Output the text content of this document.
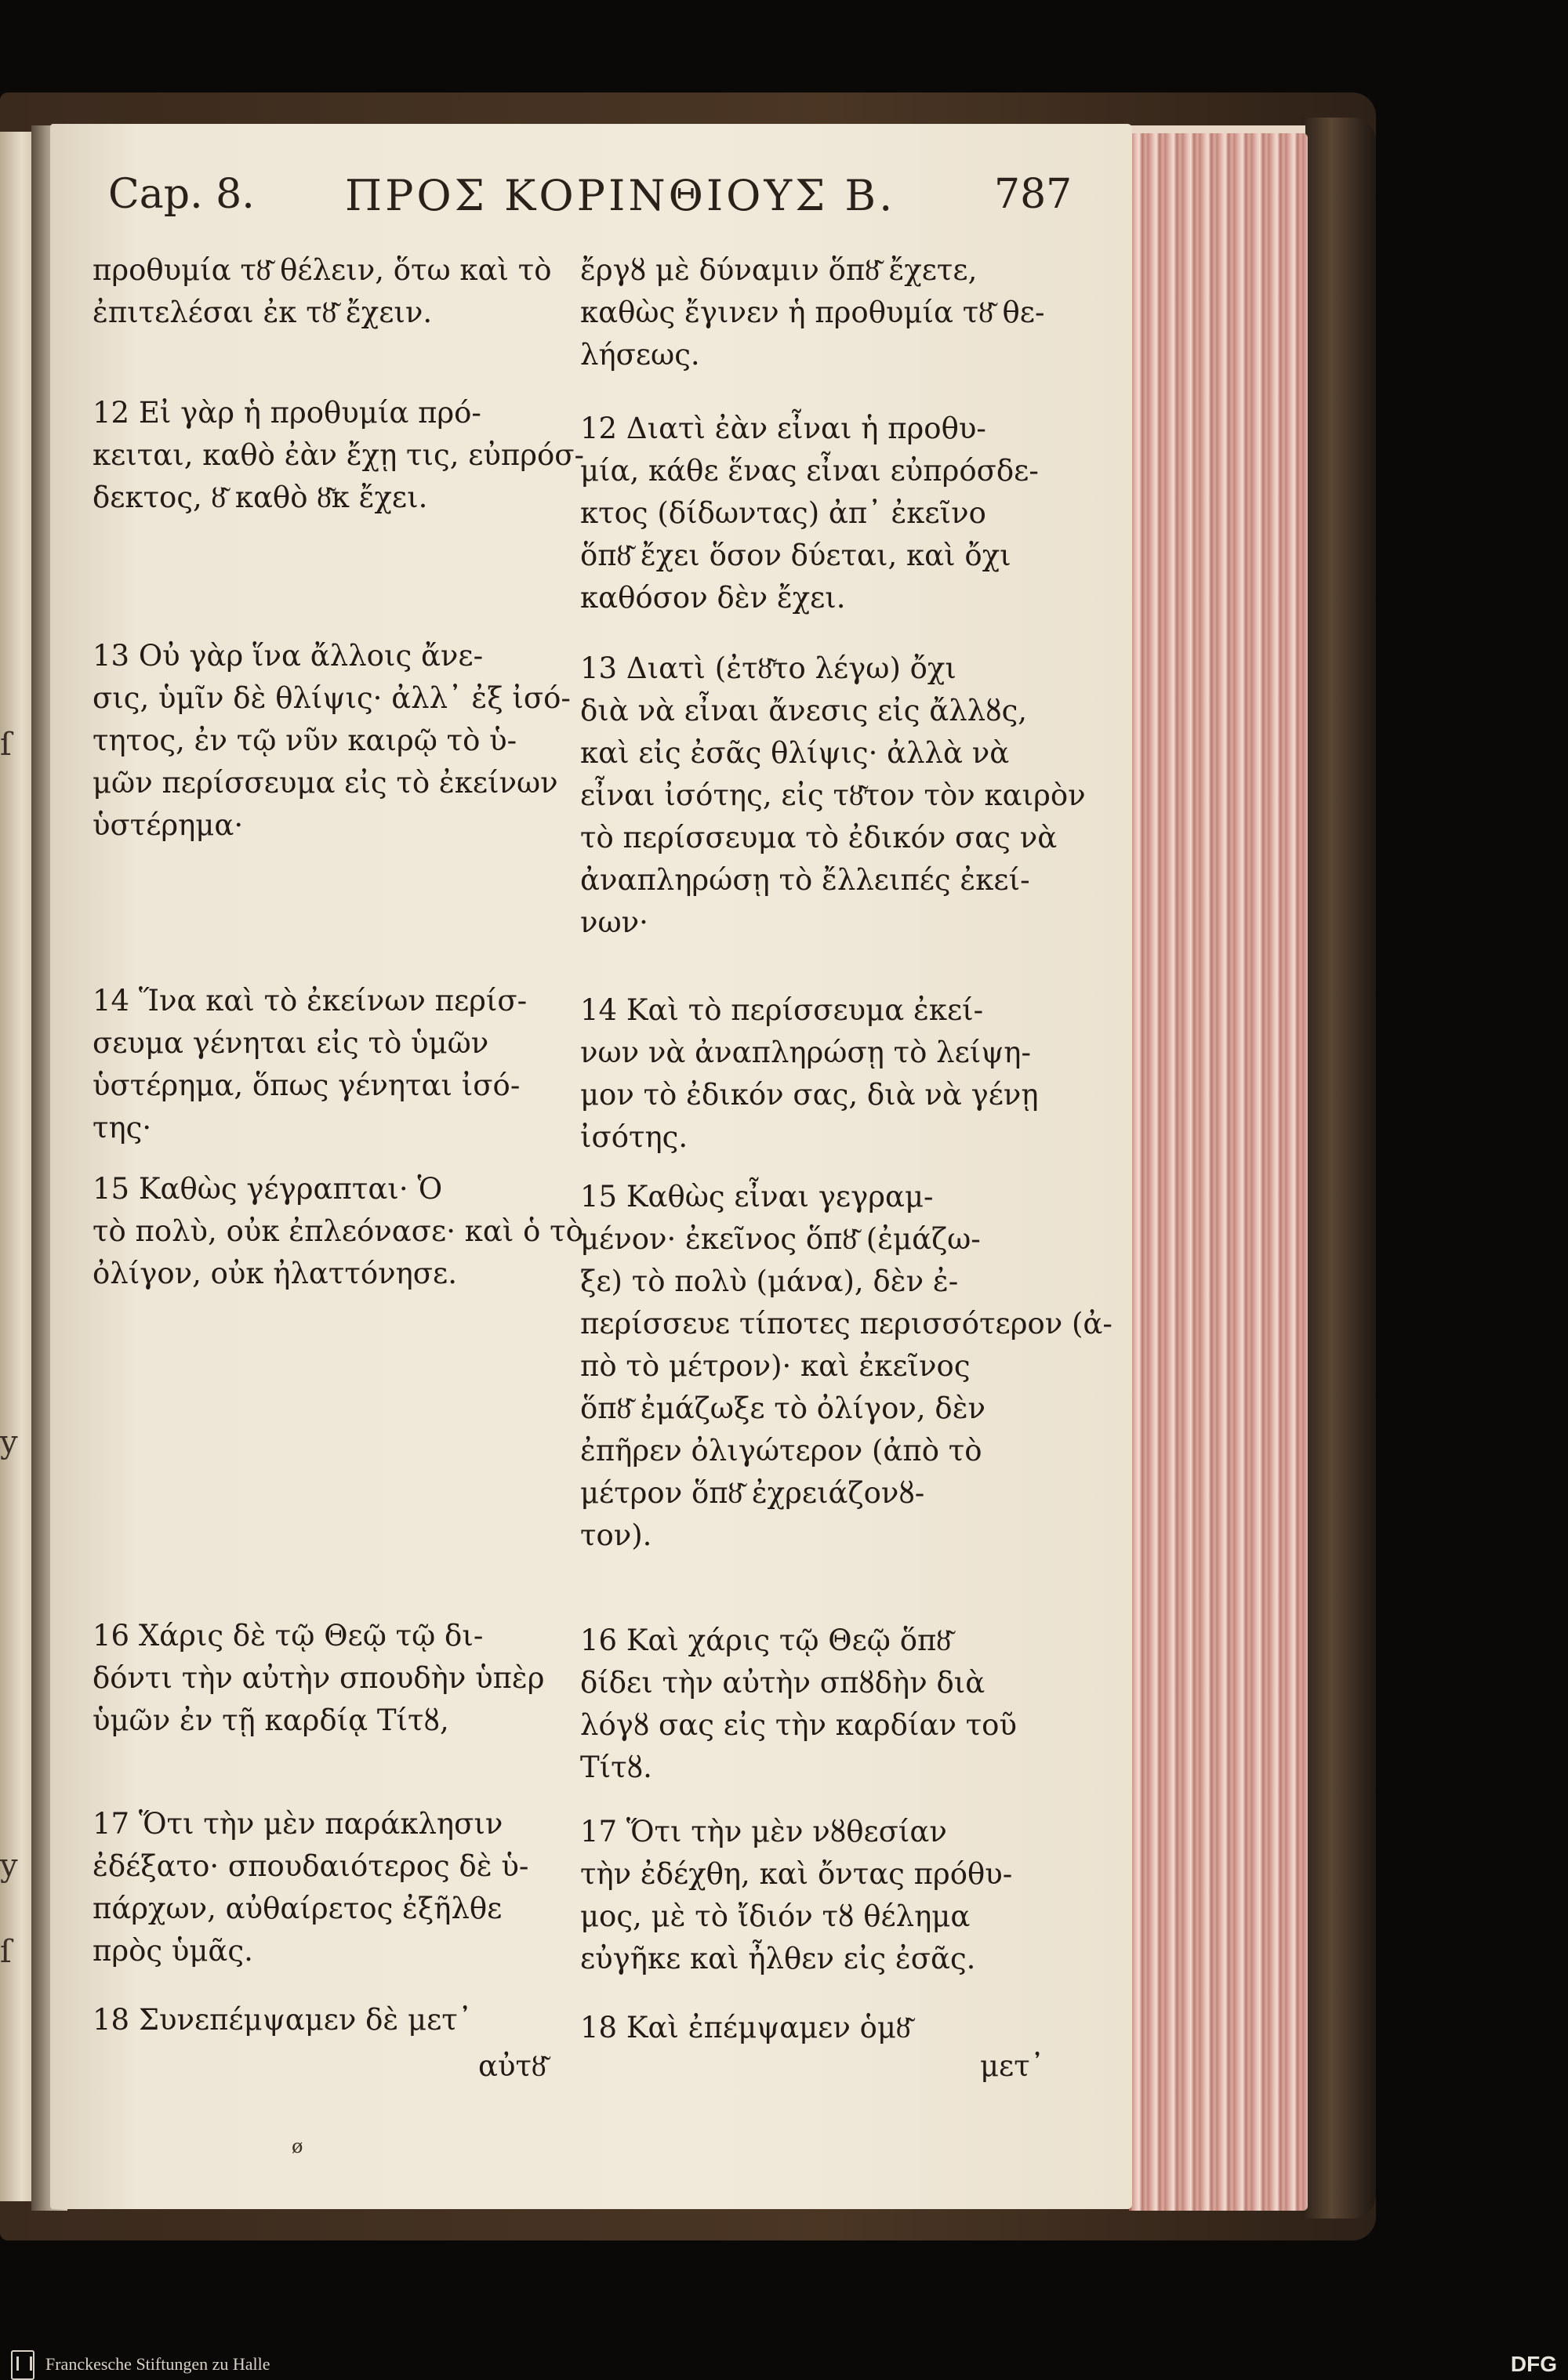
ſ
y
y
ſ
Cap. 8. ΠΡΟΣ ΚΟΡΙΝΘΙΟΥΣ Β. 787
προθυμία τȣ͂ θέλειν, ὅτω καὶ τὸ
ἐπιτελέσαι ἐκ τȣ͂ ἔχειν.
12 Εἰ γὰρ ἡ προθυμία πρό-
κειται, καθὸ ἐὰν ἔχῃ τις, εὐπρόσ-
δεκτος, ȣ͂ καθὸ ȣ͂κ ἔχει.
13 Οὐ γὰρ ἵνα ἄλλοις ἄνε-
σις, ὑμῖν δὲ θλίψις· ἀλλ᾽ ἐξ ἰσό-
τητος, ἐν τῷ νῦν καιρῷ τὸ ὑ-
μῶν περίσσευμα εἰς τὸ ἐκείνων
ὑστέρημα·
14 Ἵνα καὶ τὸ ἐκείνων περίσ-
σευμα γένηται εἰς τὸ ὑμῶν
ὑστέρημα, ὅπως γένηται ἰσό-
της·
15 Καθὼς γέγραπται· Ὁ
τὸ πολὺ, οὐκ ἐπλεόνασε· καὶ ὁ τὸ
ὀλίγον, οὐκ ἠλαττόνησε.
16 Χάρις δὲ τῷ Θεῷ τῷ δι-
δόντι τὴν αὐτὴν σπουδὴν ὑπὲρ
ὑμῶν ἐν τῇ καρδίᾳ Τίτȣ,
17 Ὅτι τὴν μὲν παράκλησιν
ἐδέξατο· σπουδαιότερος δὲ ὑ-
πάρχων, αὐθαίρετος ἐξῆλθε
πρὸς ὑμᾶς.
18 Συνεπέμψαμεν δὲ μετ᾽
αὐτȣ͂
ἔργȣ μὲ δύναμιν ὅπȣ͂ ἔχετε,
καθὼς ἔγινεν ἡ προθυμία τȣ͂ θε-
λήσεως.
12 Διατὶ ἐὰν εἶναι ἡ προθυ-
μία, κάθε ἕνας εἶναι εὐπρόσδε-
κτος (δίδωντας) ἀπ᾽ ἐκεῖνο
ὅπȣ͂ ἔχει ὅσον δύεται, καὶ ὄχι
καθόσον δὲν ἔχει.
13 Διατὶ (ἐτȣ͂το λέγω) ὄχι
διὰ νὰ εἶναι ἄνεσις εἰς ἄλλȣς,
καὶ εἰς ἐσᾶς θλίψις· ἀλλὰ νὰ
εἶναι ἰσότης, εἰς τȣ͂τον τὸν καιρὸν
τὸ περίσσευμα τὸ ἐδικόν σας νὰ
ἀναπληρώσῃ τὸ ἔλλειπές ἐκεί-
νων·
14 Καὶ τὸ περίσσευμα ἐκεί-
νων νὰ ἀναπληρώσῃ τὸ λείψη-
μον τὸ ἐδικόν σας, διὰ νὰ γένῃ
ἰσότης.
15 Καθὼς εἶναι γεγραμ-
μένον· ἐκεῖνος ὅπȣ͂ (ἐμάζω-
ξε) τὸ πολὺ (μάνα), δὲν ἐ-
περίσσευε τίποτες περισσότερον (ἀ-
πὸ τὸ μέτρον)· καὶ ἐκεῖνος
ὅπȣ͂ ἐμάζωξε τὸ ὀλίγον, δὲν
ἐπῆρεν ὀλιγώτερον (ἀπὸ τὸ
μέτρον ὅπȣ͂ ἐχρειάζονȣ-
τον).
16 Καὶ χάρις τῷ Θεῷ ὅπȣ͂
δίδει τὴν αὐτὴν σπȣδὴν διὰ
λόγȣ σας εἰς τὴν καρδίαν τοῦ
Τίτȣ.
17 Ὅτι τὴν μὲν νȣθεσίαν
τὴν ἐδέχθη, καὶ ὄντας πρόθυ-
μος, μὲ τὸ ἴδιόν τȣ θέλημα
εὐγῆκε καὶ ἦλθεν εἰς ἐσᾶς.
18 Καὶ ἐπέμψαμεν ὁμȣ͂
μετ᾽
ø
Franckesche Stiftungen zu Halle	DFG
